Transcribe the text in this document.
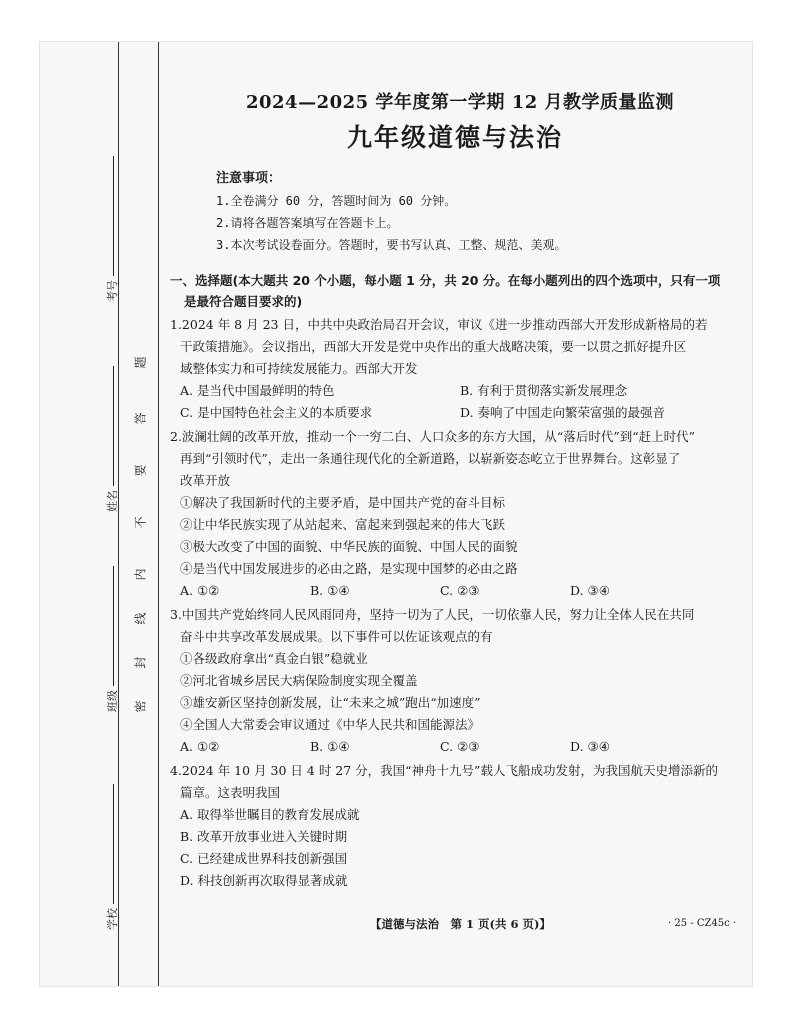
考号
姓名
班级
学校
题
答
要
不
内
线
封
密
2024—2025 学年度第一学期 12 月教学质量监测
九年级道德与法治
注意事项：
1.全卷满分 60 分，答题时间为 60 分钟。
2.请将各题答案填写在答题卡上。
3.本次考试设卷面分。答题时，要书写认真、工整、规范、美观。
一、选择题(本大题共 20 个小题，每小题 1 分，共 20 分。在每小题列出的四个选项中，只有一项
是最符合题目要求的)
1.2024 年 8 月 23 日，中共中央政治局召开会议，审议《进一步推动西部大开发形成新格局的若
干政策措施》。会议指出，西部大开发是党中央作出的重大战略决策，要一以贯之抓好提升区
域整体实力和可持续发展能力。西部大开发
A. 是当代中国最鲜明的特色	B. 有利于贯彻落实新发展理念
C. 是中国特色社会主义的本质要求	D. 奏响了中国走向繁荣富强的最强音
2.波澜壮阔的改革开放，推动一个一穷二白、人口众多的东方大国，从“落后时代”到“赶上时代”
再到“引领时代”，走出一条通往现代化的全新道路，以崭新姿态屹立于世界舞台。这彰显了
改革开放
①解决了我国新时代的主要矛盾，是中国共产党的奋斗目标
②让中华民族实现了从站起来、富起来到强起来的伟大飞跃
③极大改变了中国的面貌、中华民族的面貌、中国人民的面貌
④是当代中国发展进步的必由之路，是实现中国梦的必由之路
A. ①②	B. ①④	C. ②③	D. ③④
3.中国共产党始终同人民风雨同舟，坚持一切为了人民，一切依靠人民，努力让全体人民在共同
奋斗中共享改革发展成果。以下事件可以佐证该观点的有
①各级政府拿出“真金白银”稳就业
②河北省城乡居民大病保险制度实现全覆盖
③雄安新区坚持创新发展，让“未来之城”跑出“加速度”
④全国人大常委会审议通过《中华人民共和国能源法》
A. ①②	B. ①④	C. ②③	D. ③④
4.2024 年 10 月 30 日 4 时 27 分，我国“神舟十九号”载人飞船成功发射，为我国航天史增添新的
篇章。这表明我国
A. 取得举世瞩目的教育发展成就
B. 改革开放事业进入关键时期
C. 已经建成世界科技创新强国
D. 科技创新再次取得显著成就
【道德与法治　第 1 页(共 6 页)】	· 25 - CZ45c ·
